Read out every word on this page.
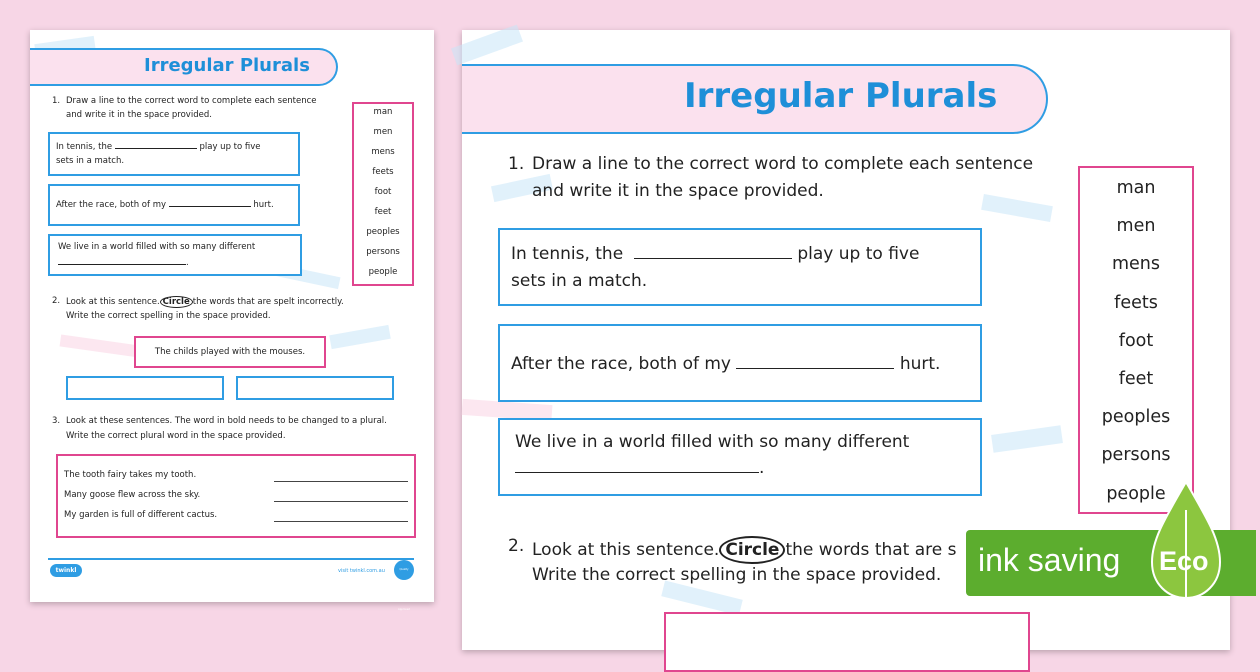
Irregular Plurals
1. Draw a line to the correct word to complete each sentence
and write it in the space provided.
In tennis, the	play up to five
sets in a match.
After the race, both of my	hurt.
We live in a world filled with so many different
.
man
men
mens
feets
foot
feet
peoples
persons
people
2. Look at this sentence. Circle the words that are spelt incorrectly.
Write the correct spelling in the space provided.
The childs played with the mouses.
3. Look at these sentences. The word in bold needs to be changed to a plural.
Write the correct plural word in the space provided.
The tooth fairy takes my tooth.
Many goose flew across the sky.
My garden is full of different cactus.
twinkl	visit twinkl.com.au	Quality Standard Approved
Irregular Plurals
1. Draw a line to the correct word to complete each sentence
and write it in the space provided.
In tennis, the	play up to five
sets in a match.
After the race, both of my	hurt.
We live in a world filled with so many different
.
man
men
mens
feets
foot
feet
peoples
persons
people
2. Look at this sentence. Circle the words that are s
Write the correct spelling in the space provided. ink saving Eco
